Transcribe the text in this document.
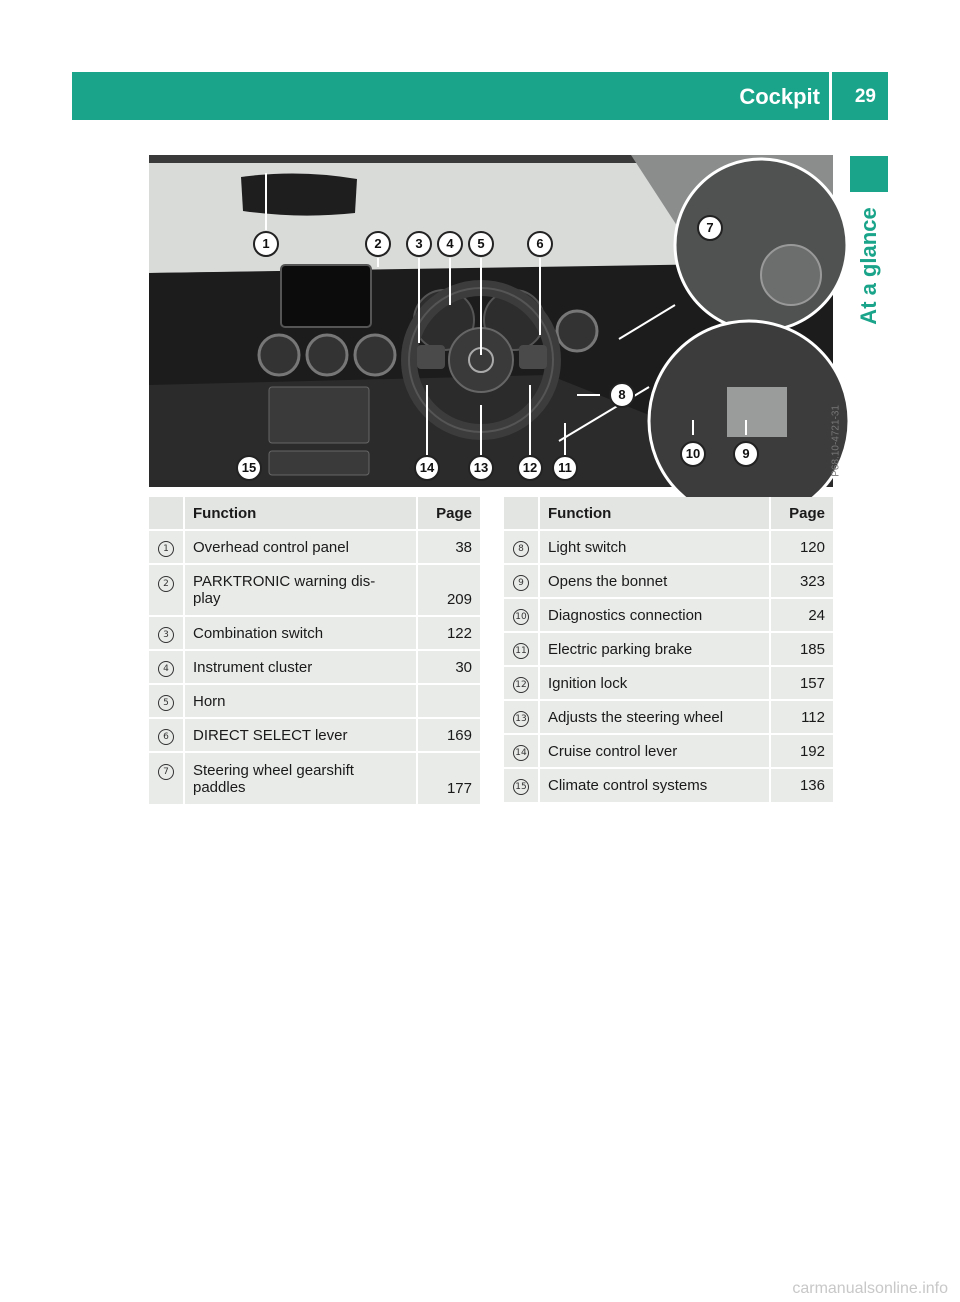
Cockpit 29
At a glance
1	2	3	4	5	6
7
8
9
10
11
12
13
14
15	P68.10-4721-31
	Function	Page
1	Overhead control panel	38
2	PARKTRONIC warning dis-
play	209
3	Combination switch	122
4	Instrument cluster	30
5	Horn	
6	DIRECT SELECT lever	169
7	Steering wheel gearshift
paddles	177
	Function	Page
8	Light switch	120
9	Opens the bonnet	323
10	Diagnostics connection	24
11	Electric parking brake	185
12	Ignition lock	157
13	Adjusts the steering wheel	112
14	Cruise control lever	192
15	Climate control systems	136
carmanualsonline.info
